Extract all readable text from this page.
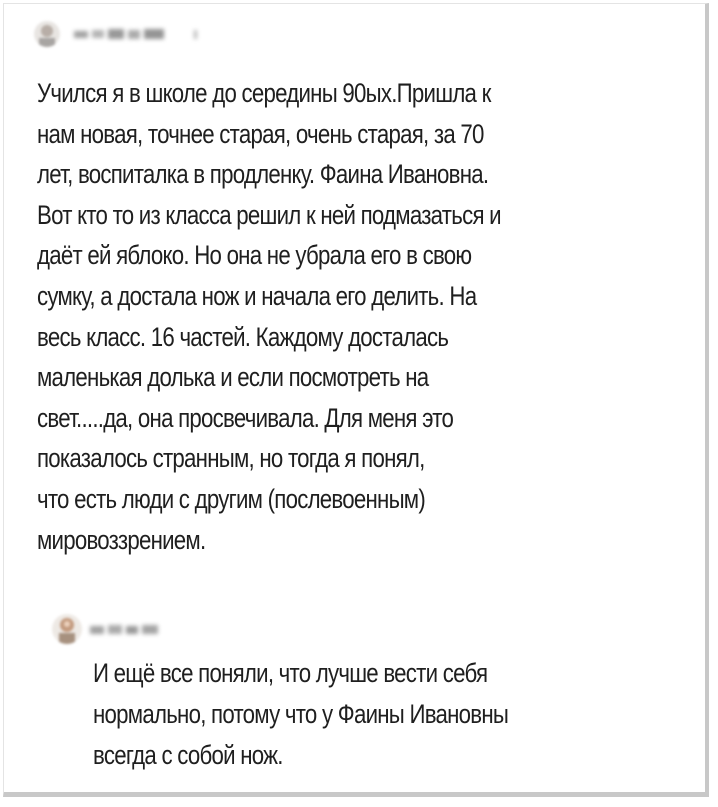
Учился я в школе до середины 90ых.Пришла к
нам новая, точнее старая, очень старая, за 70
лет, воспиталка в продленку. Фаина Ивановна.
Вот кто то из класса решил к ней подмазаться и
даёт ей яблоко. Но она не убрала его в свою
сумку, а достала нож и начала его делить. На
весь класс. 16 частей. Каждому досталась
маленькая долька и если посмотреть на
свет.....да, она просвечивала. Для меня это
показалось странным, но тогда я понял,
что есть люди с другим (послевоенным)
мировоззрением.
И ещё все поняли, что лучше вести себя
нормально, потому что у Фаины Ивановны
всегда с собой нож.
